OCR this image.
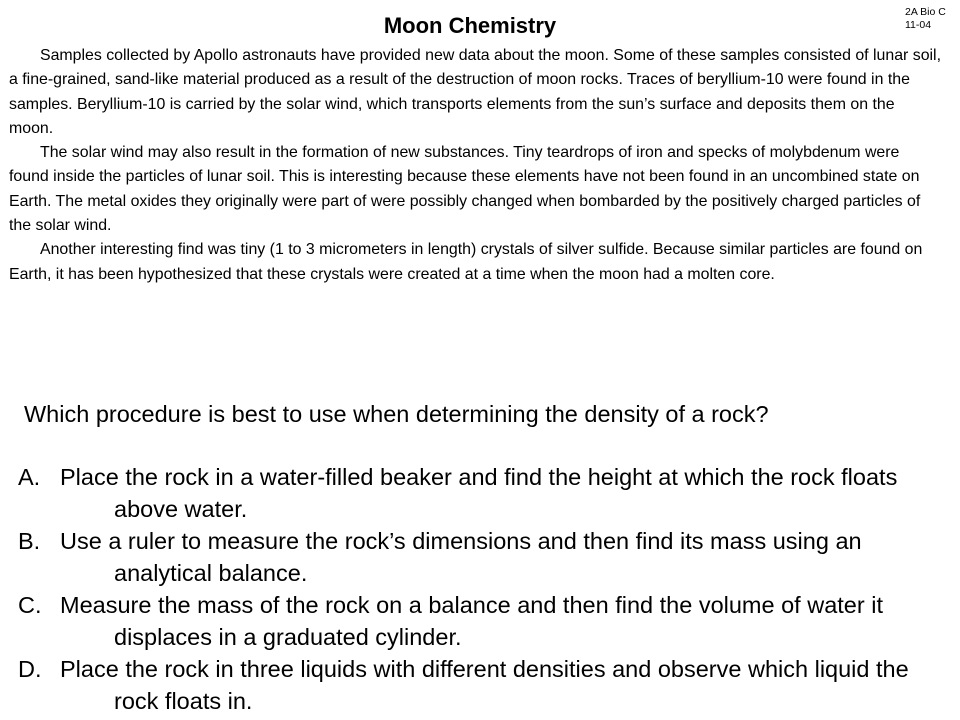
2A Bio C 11-04
Moon Chemistry

Samples collected by Apollo astronauts have provided new data about the moon. Some of these samples consisted of lunar soil, a fine-grained, sand-like material produced as a result of the destruction of moon rocks. Traces of beryllium-10 were found in the samples. Beryllium-10 is carried by the solar wind, which transports elements from the sun’s surface and deposits them on the moon.

The solar wind may also result in the formation of new substances. Tiny teardrops of iron and specks of molybdenum were found inside the particles of lunar soil. This is interesting because these elements have not been found in an uncombined state on Earth. The metal oxides they originally were part of were possibly changed when bombarded by the positively charged particles of the solar wind.

Another interesting find was tiny (1 to 3 micrometers in length) crystals of silver sulfide. Because similar particles are found on Earth, it has been hypothesized that these crystals were created at a time when the moon had a molten core.

Which procedure is best to use when determining the density of a rock?
A. Place the rock in a water-filled beaker and find the height at which the rock floats above water.
B. Use a ruler to measure the rock’s dimensions and then find its mass using an analytical balance.
C. Measure the mass of the rock on a balance and then find the volume of water it displaces in a graduated cylinder.
D. Place the rock in three liquids with different densities and observe which liquid the rock floats in.
